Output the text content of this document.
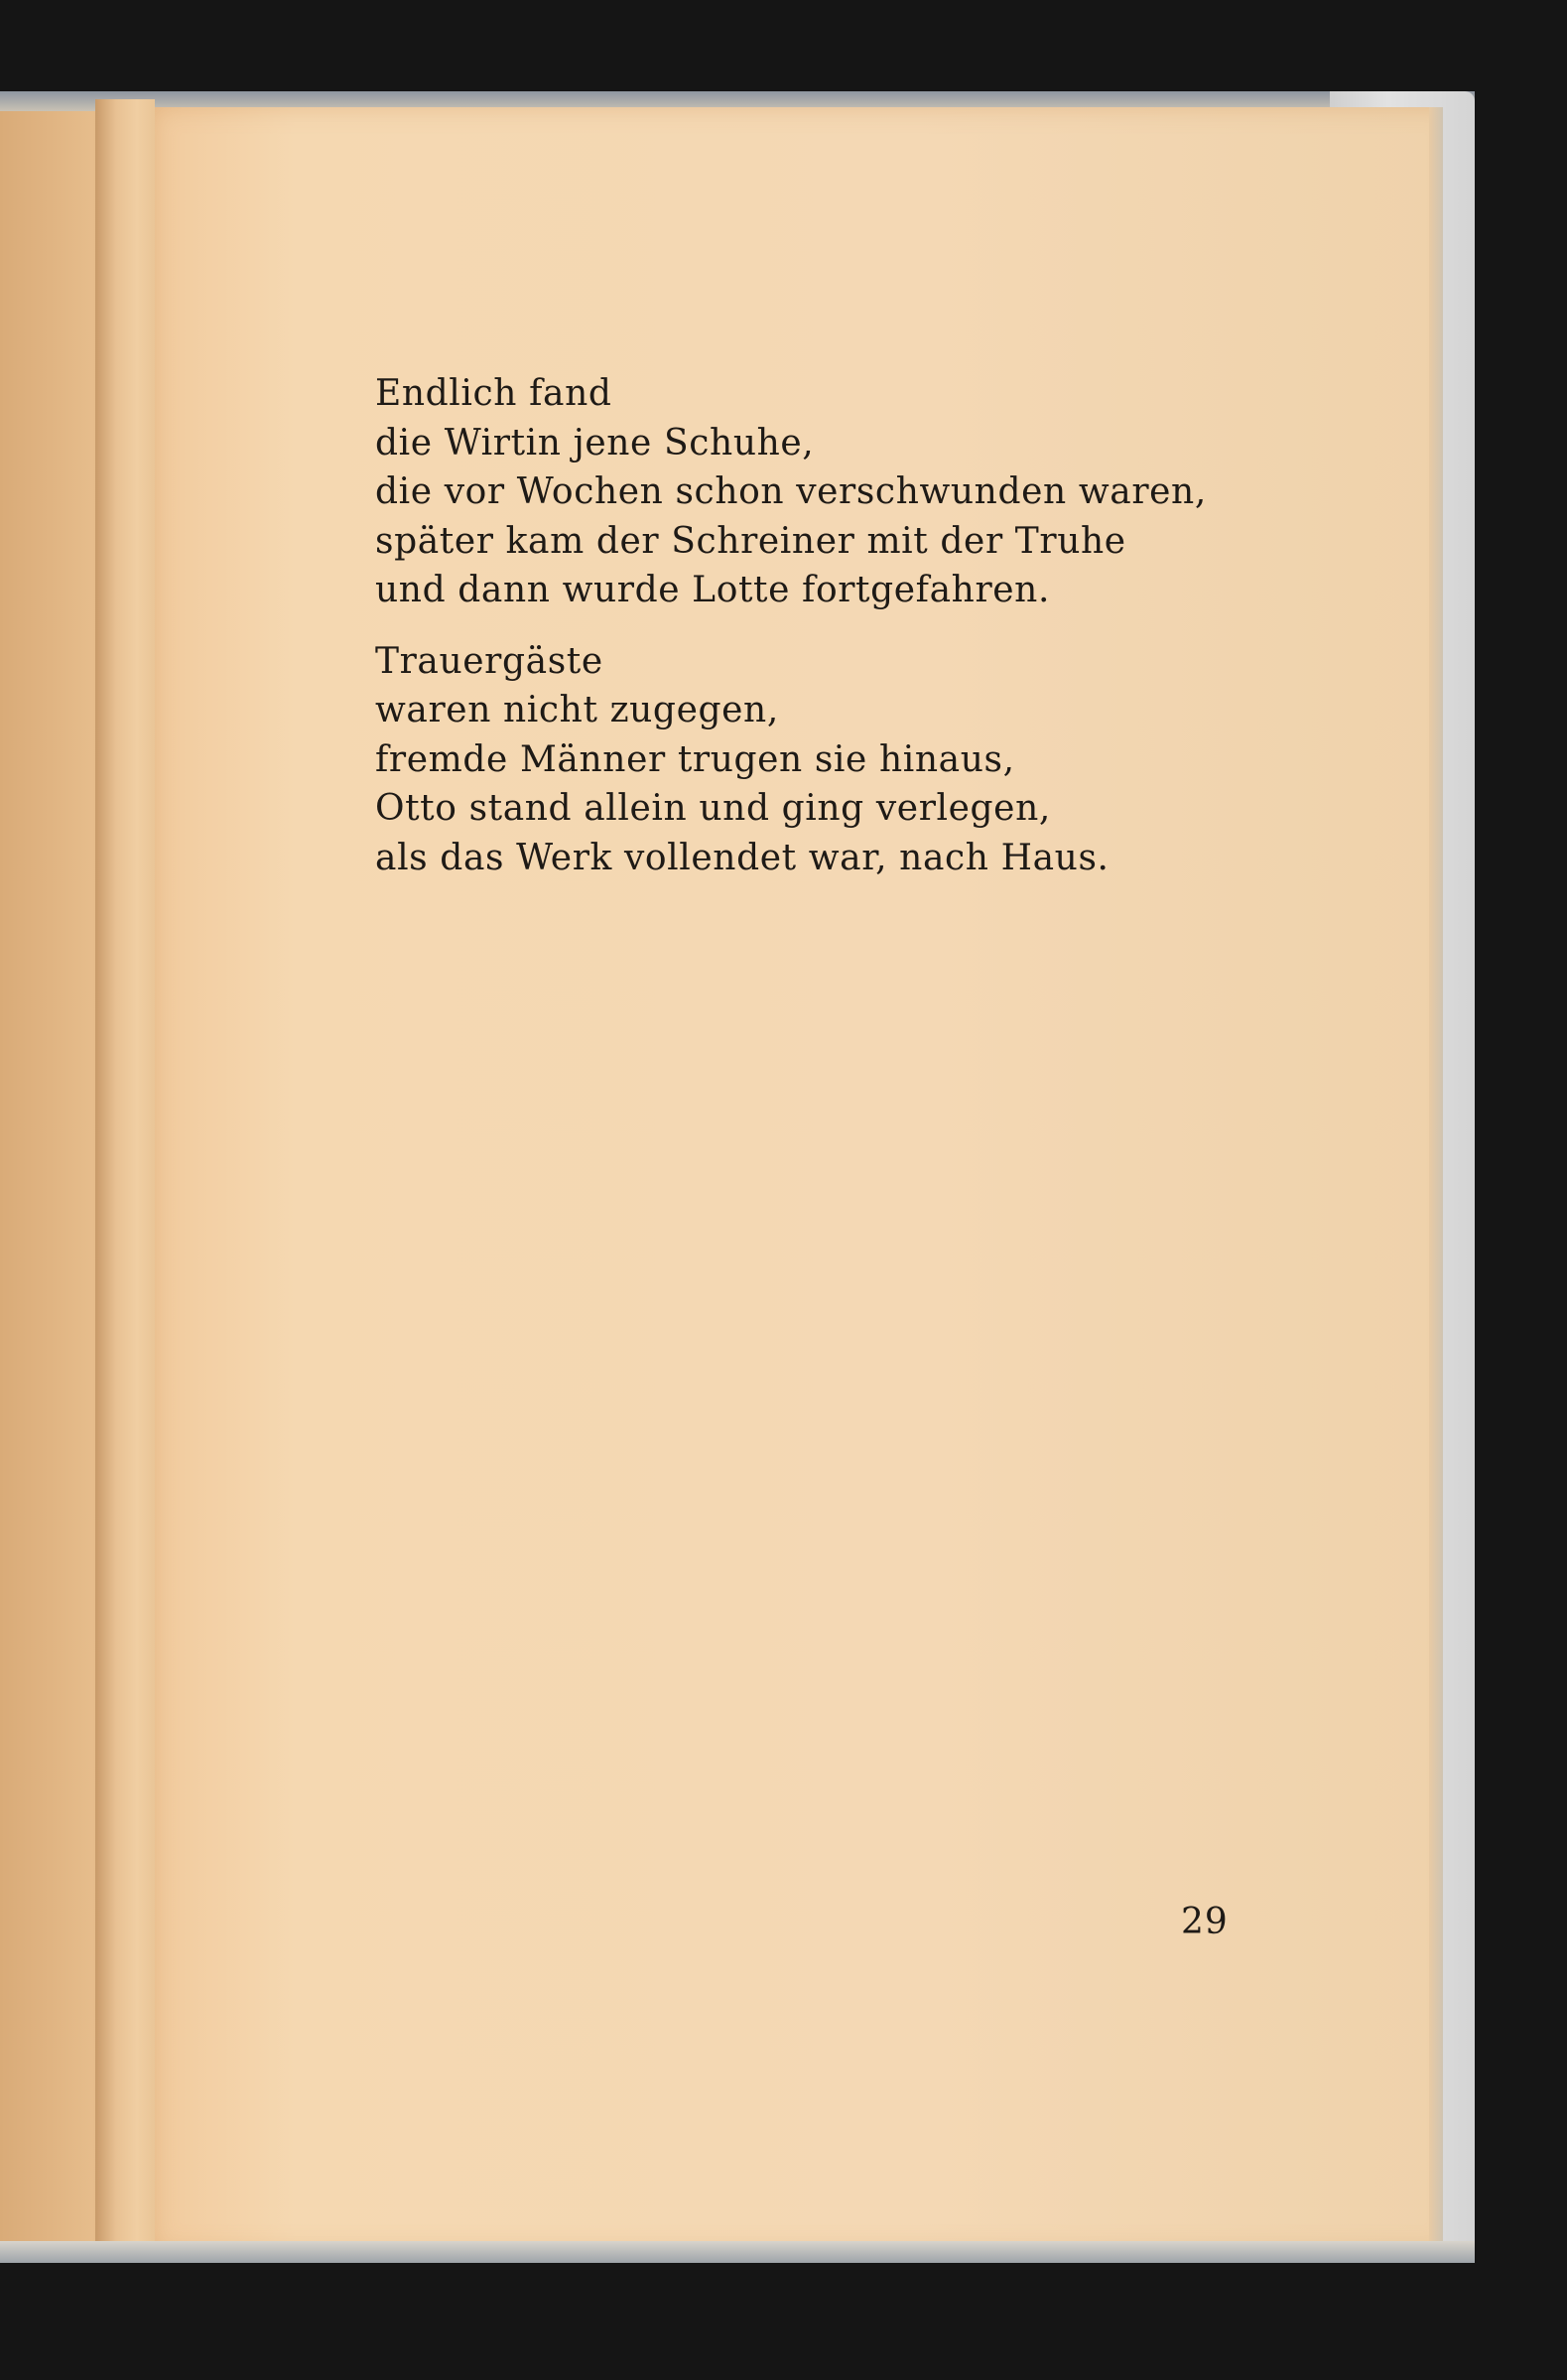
Endlich fand
die Wirtin jene Schuhe,
die vor Wochen schon verschwunden waren,
später kam der Schreiner mit der Truhe
und dann wurde Lotte fortgefahren.
Trauergäste
waren nicht zugegen,
fremde Männer trugen sie hinaus,
Otto stand allein und ging verlegen,
als das Werk vollendet war, nach Haus.
29
